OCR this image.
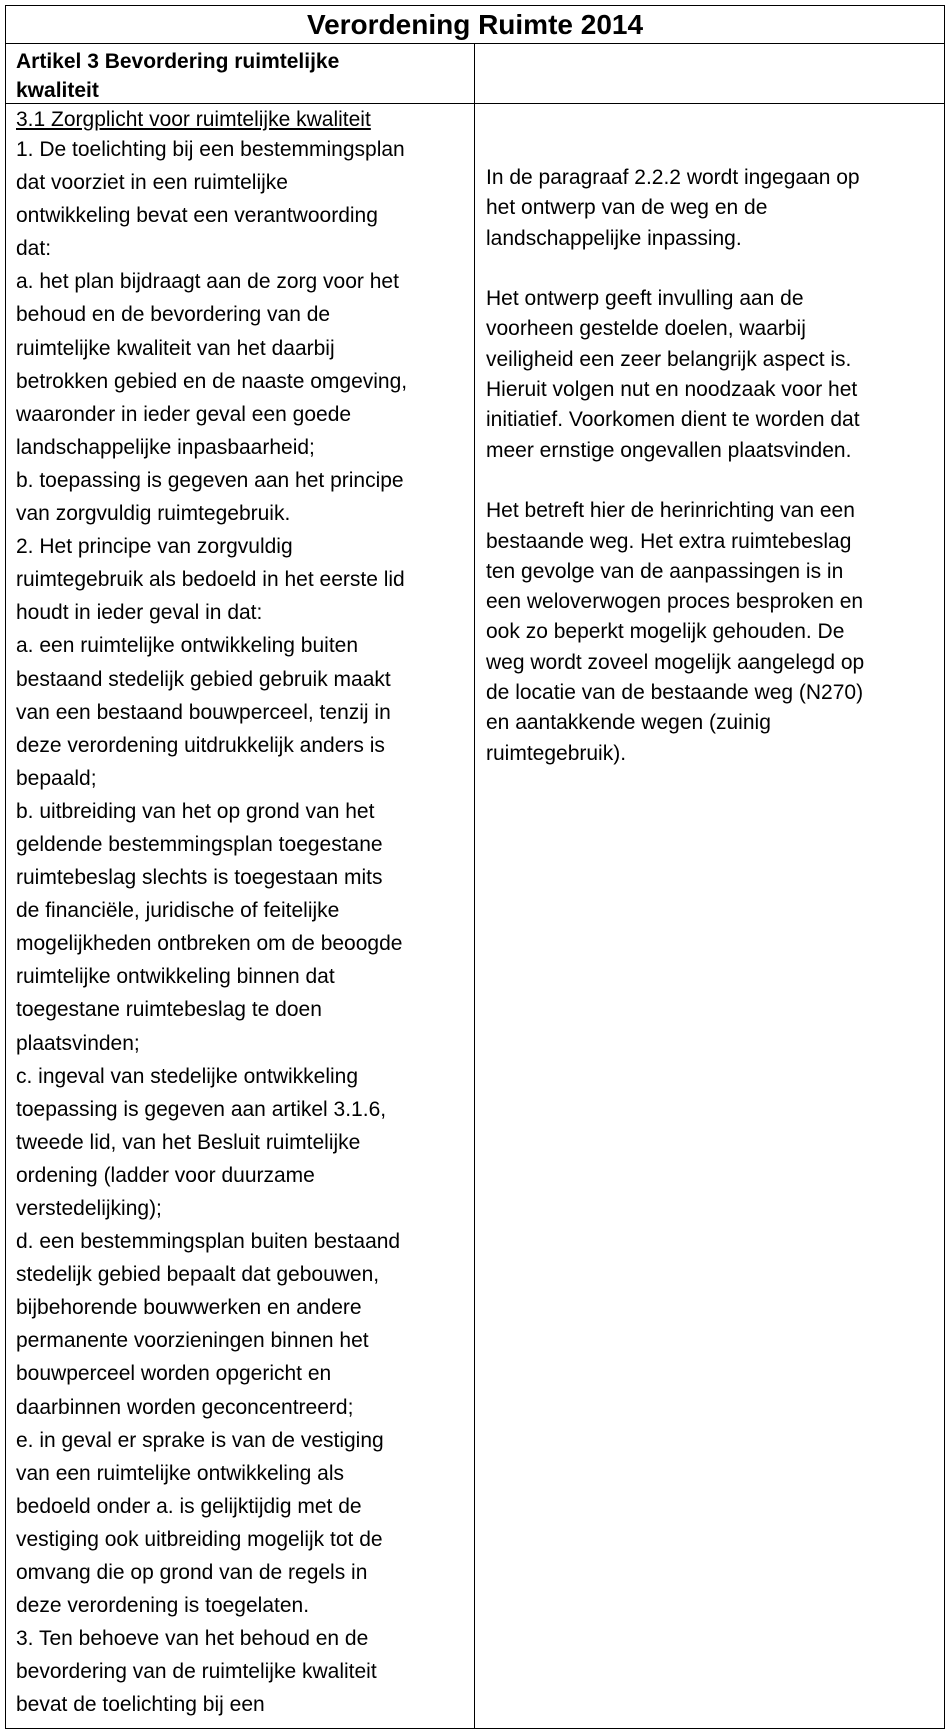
Verordening Ruimte 2014
Artikel 3 Bevordering ruimtelijke
kwaliteit
3.1 Zorgplicht voor ruimtelijke kwaliteit
1. De toelichting bij een bestemmingsplan
dat voorziet in een ruimtelijke
ontwikkeling bevat een verantwoording
dat:
a. het plan bijdraagt aan de zorg voor het
behoud en de bevordering van de
ruimtelijke kwaliteit van het daarbij
betrokken gebied en de naaste omgeving,
waaronder in ieder geval een goede
landschappelijke inpasbaarheid;
b. toepassing is gegeven aan het principe
van zorgvuldig ruimtegebruik.
2. Het principe van zorgvuldig
ruimtegebruik als bedoeld in het eerste lid
houdt in ieder geval in dat:
a. een ruimtelijke ontwikkeling buiten
bestaand stedelijk gebied gebruik maakt
van een bestaand bouwperceel, tenzij in
deze verordening uitdrukkelijk anders is
bepaald;
b. uitbreiding van het op grond van het
geldende bestemmingsplan toegestane
ruimtebeslag slechts is toegestaan mits
de financiële, juridische of feitelijke
mogelijkheden ontbreken om de beoogde
ruimtelijke ontwikkeling binnen dat
toegestane ruimtebeslag te doen
plaatsvinden;
c. ingeval van stedelijke ontwikkeling
toepassing is gegeven aan artikel 3.1.6,
tweede lid, van het Besluit ruimtelijke
ordening (ladder voor duurzame
verstedelijking);
d. een bestemmingsplan buiten bestaand
stedelijk gebied bepaalt dat gebouwen,
bijbehorende bouwwerken en andere
permanente voorzieningen binnen het
bouwperceel worden opgericht en
daarbinnen worden geconcentreerd;
e. in geval er sprake is van de vestiging
van een ruimtelijke ontwikkeling als
bedoeld onder a. is gelijktijdig met de
vestiging ook uitbreiding mogelijk tot de
omvang die op grond van de regels in
deze verordening is toegelaten.
3. Ten behoeve van het behoud en de
bevordering van de ruimtelijke kwaliteit
bevat de toelichting bij een
In de paragraaf 2.2.2 wordt ingegaan op
het ontwerp van de weg en de
landschappelijke inpassing.
Het ontwerp geeft invulling aan de
voorheen gestelde doelen, waarbij
veiligheid een zeer belangrijk aspect is.
Hieruit volgen nut en noodzaak voor het
initiatief. Voorkomen dient te worden dat
meer ernstige ongevallen plaatsvinden.
Het betreft hier de herinrichting van een
bestaande weg. Het extra ruimtebeslag
ten gevolge van de aanpassingen is in
een weloverwogen proces besproken en
ook zo beperkt mogelijk gehouden. De
weg wordt zoveel mogelijk aangelegd op
de locatie van de bestaande weg (N270)
en aantakkende wegen (zuinig
ruimtegebruik).
